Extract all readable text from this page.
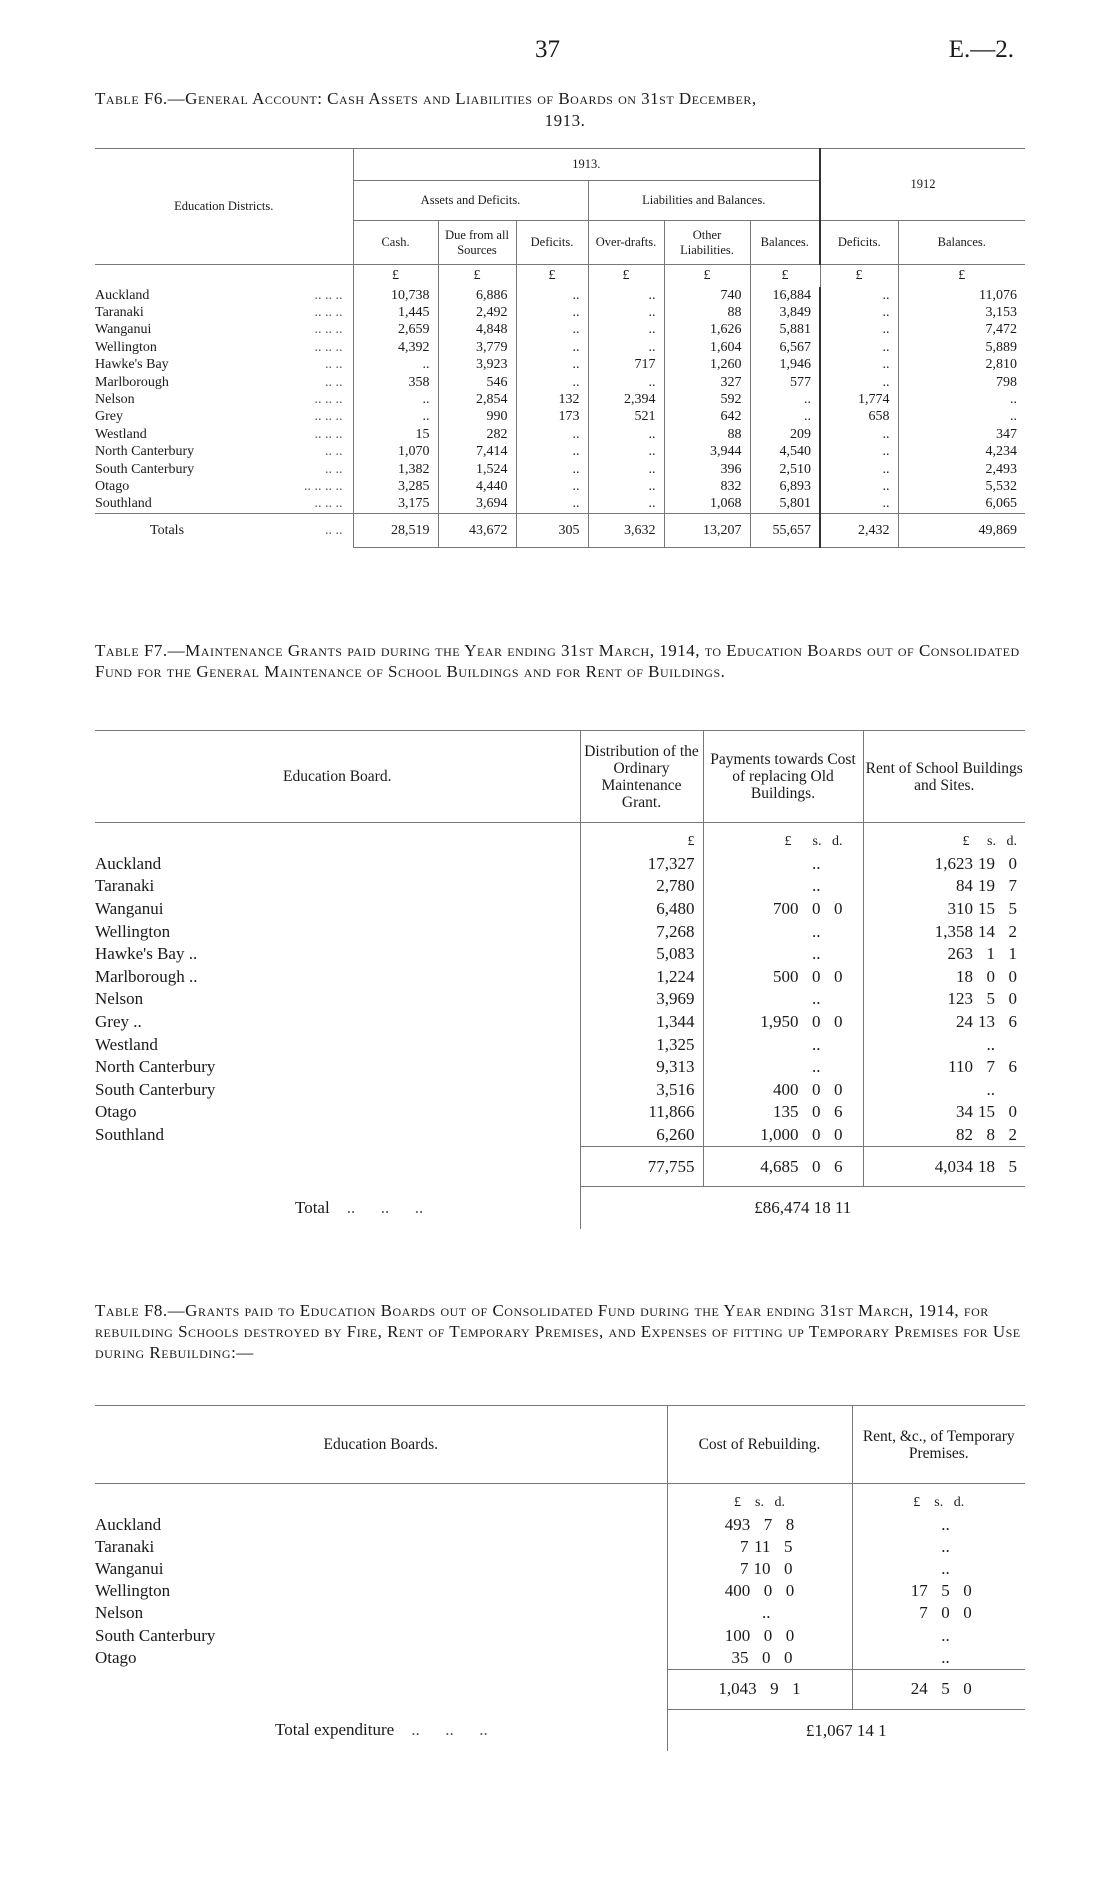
37	E.—2.
Table F6.—General Account: Cash Assets and Liabilities of Boards on 31st December,
1913.
Education Districts.	1913.						1912	
	Assets and Deficits.			Liabilities and Balances.				
	Cash.	Due from all Sources	Deficits.	Over-drafts.	Other Liabilities.	Balances.	Deficits.	Balances.
	£	£	£	£	£	£	£	£
Auckland .. .. ..	10,738	6,886	..	..	740	16,884	..	11,076
Taranaki .. .. ..	1,445	2,492	..	..	88	3,849	..	3,153
Wanganui .. .. ..	2,659	4,848	..	..	1,626	5,881	..	7,472
Wellington .. .. ..	4,392	3,779	..	..	1,604	6,567	..	5,889
Hawke's Bay .. ..	..	3,923	..	717	1,260	1,946	..	2,810
Marlborough .. ..	358	546	..	..	327	577	..	798
Nelson .. .. ..	..	2,854	132	2,394	592	..	1,774	..
Grey .. .. ..	..	990	173	521	642	..	658	..
Westland .. .. ..	15	282	..	..	88	209	..	347
North Canterbury .. ..	1,070	7,414	..	..	3,944	4,540	..	4,234
South Canterbury .. ..	1,382	1,524	..	..	396	2,510	..	2,493
Otago .. .. .. ..	3,285	4,440	..	..	832	6,893	..	5,532
Southland .. .. ..	3,175	3,694	..	..	1,068	5,801	..	6,065
Totals .. ..	28,519	43,672	305	3,632	13,207	55,657	2,432	49,869
Table F7.—Maintenance Grants paid during the Year ending 31st March, 1914, to Education Boards out of Consolidated Fund for the General Maintenance of School Buildings and for Rent of Buildings.
Education Board.	Distribution of the Ordinary Maintenance Grant.	Payments towards Cost of replacing Old Buildings.	Rent of School Buildings and Sites.
	£	£ s. d.	£ s. d.
Auckland	17,327	..	1,623 19 0
Taranaki	2,780	..	84 19 7
Wanganui	6,480	700 0 0	310 15 5
Wellington	7,268	..	1,358 14 2
Hawke's Bay ..	5,083	..	263 1 1
Marlborough ..	1,224	500 0 0	18 0 0
Nelson	3,969	..	123 5 0
Grey ..	1,344	1,950 0 0	24 13 6
Westland	1,325	..	..
North Canterbury	9,313	..	110 7 6
South Canterbury	3,516	400 0 0	..
Otago	11,866	135 0 6	34 15 0
Southland	6,260	1,000 0 0	82 8 2
	77,755	4,685 0 6	4,034 18 5
Total    ..      ..      ..	£86,474 18 11		
Table F8.—Grants paid to Education Boards out of Consolidated Fund during the Year ending 31st March, 1914, for rebuilding Schools destroyed by Fire, Rent of Temporary Premises, and Expenses of fitting up Temporary Premises for Use during Rebuilding:—
Education Boards.	Cost of Rebuilding.	Rent, &c., of Temporary Premises.
	£ s. d.	£ s. d.
Auckland	493 7 8	..
Taranaki	7 11 5	..
Wanganui	7 10 0	..
Wellington	400 0 0	17 5 0
Nelson	..	7 0 0
South Canterbury	100 0 0	..
Otago	35 0 0	..
	1,043 9 1	24 5 0
Total expenditure    ..      ..      ..	£1,067 14 1	
